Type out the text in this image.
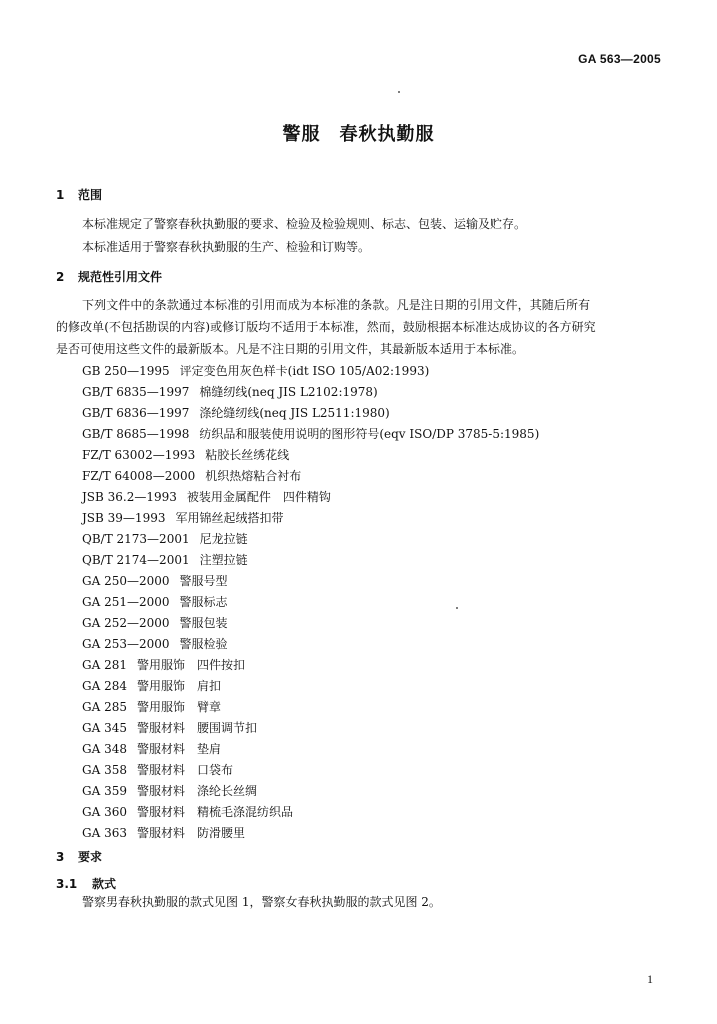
GA 563—2005
警服　春秋执勤服
1 范围
本标准规定了警察春秋执勤服的要求、检验及检验规则、标志、包装、运输及贮存。
本标准适用于警察春秋执勤服的生产、检验和订购等。
2 规范性引用文件
下列文件中的条款通过本标准的引用而成为本标准的条款。凡是注日期的引用文件，其随后所有
的修改单(不包括勘误的内容)或修订版均不适用于本标准，然而，鼓励根据本标准达成协议的各方研究
是否可使用这些文件的最新版本。凡是不注日期的引用文件，其最新版本适用于本标准。
GB 250—1995 评定变色用灰色样卡(idt ISO 105/A02:1993)
GB/T 6835—1997 棉缝纫线(neq JIS L2102:1978)
GB/T 6836—1997 涤纶缝纫线(neq JIS L2511:1980)
GB/T 8685—1998 纺织品和服装使用说明的图形符号(eqv ISO/DP 3785-5:1985)
FZ/T 63002—1993 粘胶长丝绣花线
FZ/T 64008—2000 机织热熔粘合衬布
JSB 36.2—1993 被装用金属配件　四件精钩
JSB 39—1993 军用锦丝起绒搭扣带
QB/T 2173—2001 尼龙拉链
QB/T 2174—2001 注塑拉链
GA 250—2000 警服号型
GA 251—2000 警服标志
GA 252—2000 警服包装
GA 253—2000 警服检验
GA 281 警用服饰　四件按扣
GA 284 警用服饰　肩扣
GA 285 警用服饰　臂章
GA 345 警服材料　腰围调节扣
GA 348 警服材料　垫肩
GA 358 警服材料　口袋布
GA 359 警服材料　涤纶长丝绸
GA 360 警服材料　精梳毛涤混纺织品
GA 363 警服材料　防滑腰里
3 要求
3.1 款式
警察男春秋执勤服的款式见图 1，警察女春秋执勤服的款式见图 2。
1
